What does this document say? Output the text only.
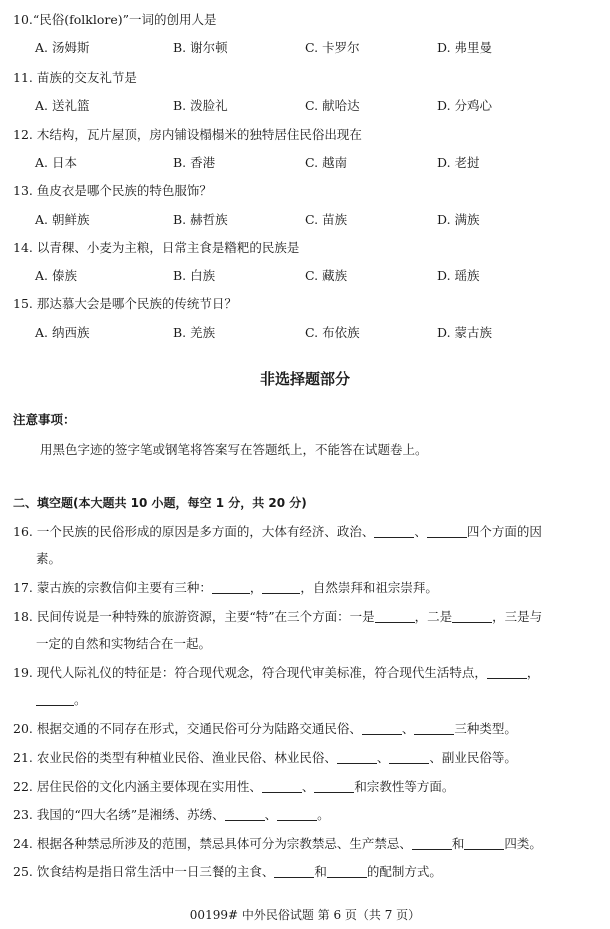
10.“民俗(folklore)”一词的创用人是
A. 汤姆斯	B. 谢尔顿	C. 卡罗尔	D. 弗里曼
11. 苗族的交友礼节是
A. 送礼篮	B. 泼脸礼	C. 献哈达	D. 分鸡心
12. 木结构，瓦片屋顶，房内铺设榻榻米的独特居住民俗出现在
A. 日本	B. 香港	C. 越南	D. 老挝
13. 鱼皮衣是哪个民族的特色服饰？
A. 朝鲜族	B. 赫哲族	C. 苗族	D. 满族
14. 以青稞、小麦为主粮，日常主食是糌粑的民族是
A. 傣族	B. 白族	C. 藏族	D. 瑶族
15. 那达慕大会是哪个民族的传统节日？
A. 纳西族	B. 羌族	C. 布依族	D. 蒙古族
非选择题部分
注意事项：
用黑色字迹的签字笔或钢笔将答案写在答题纸上，不能答在试题卷上。
二、填空题(本大题共 10 小题，每空 1 分，共 20 分)
16. 一个民族的民俗形成的原因是多方面的，大体有经济、政治、	、	四个方面的因
素。
17. 蒙古族的宗教信仰主要有三种：	，	，自然崇拜和祖宗崇拜。
18. 民间传说是一种特殊的旅游资源，主要“特”在三个方面：一是	，二是	，三是与
一定的自然和实物结合在一起。
19. 现代人际礼仪的特征是：符合现代观念，符合现代审美标准，符合现代生活特点，	，
。
20. 根据交通的不同存在形式，交通民俗可分为陆路交通民俗、	、	三种类型。
21. 农业民俗的类型有种植业民俗、渔业民俗、林业民俗、	、	、副业民俗等。
22. 居住民俗的文化内涵主要体现在实用性、	、	和宗教性等方面。
23. 我国的“四大名绣”是湘绣、苏绣、	、	。
24. 根据各种禁忌所涉及的范围，禁忌具体可分为宗教禁忌、生产禁忌、	和	四类。
25. 饮食结构是指日常生活中一日三餐的主食、	和	的配制方式。
00199# 中外民俗试题 第 6 页（共 7 页）
